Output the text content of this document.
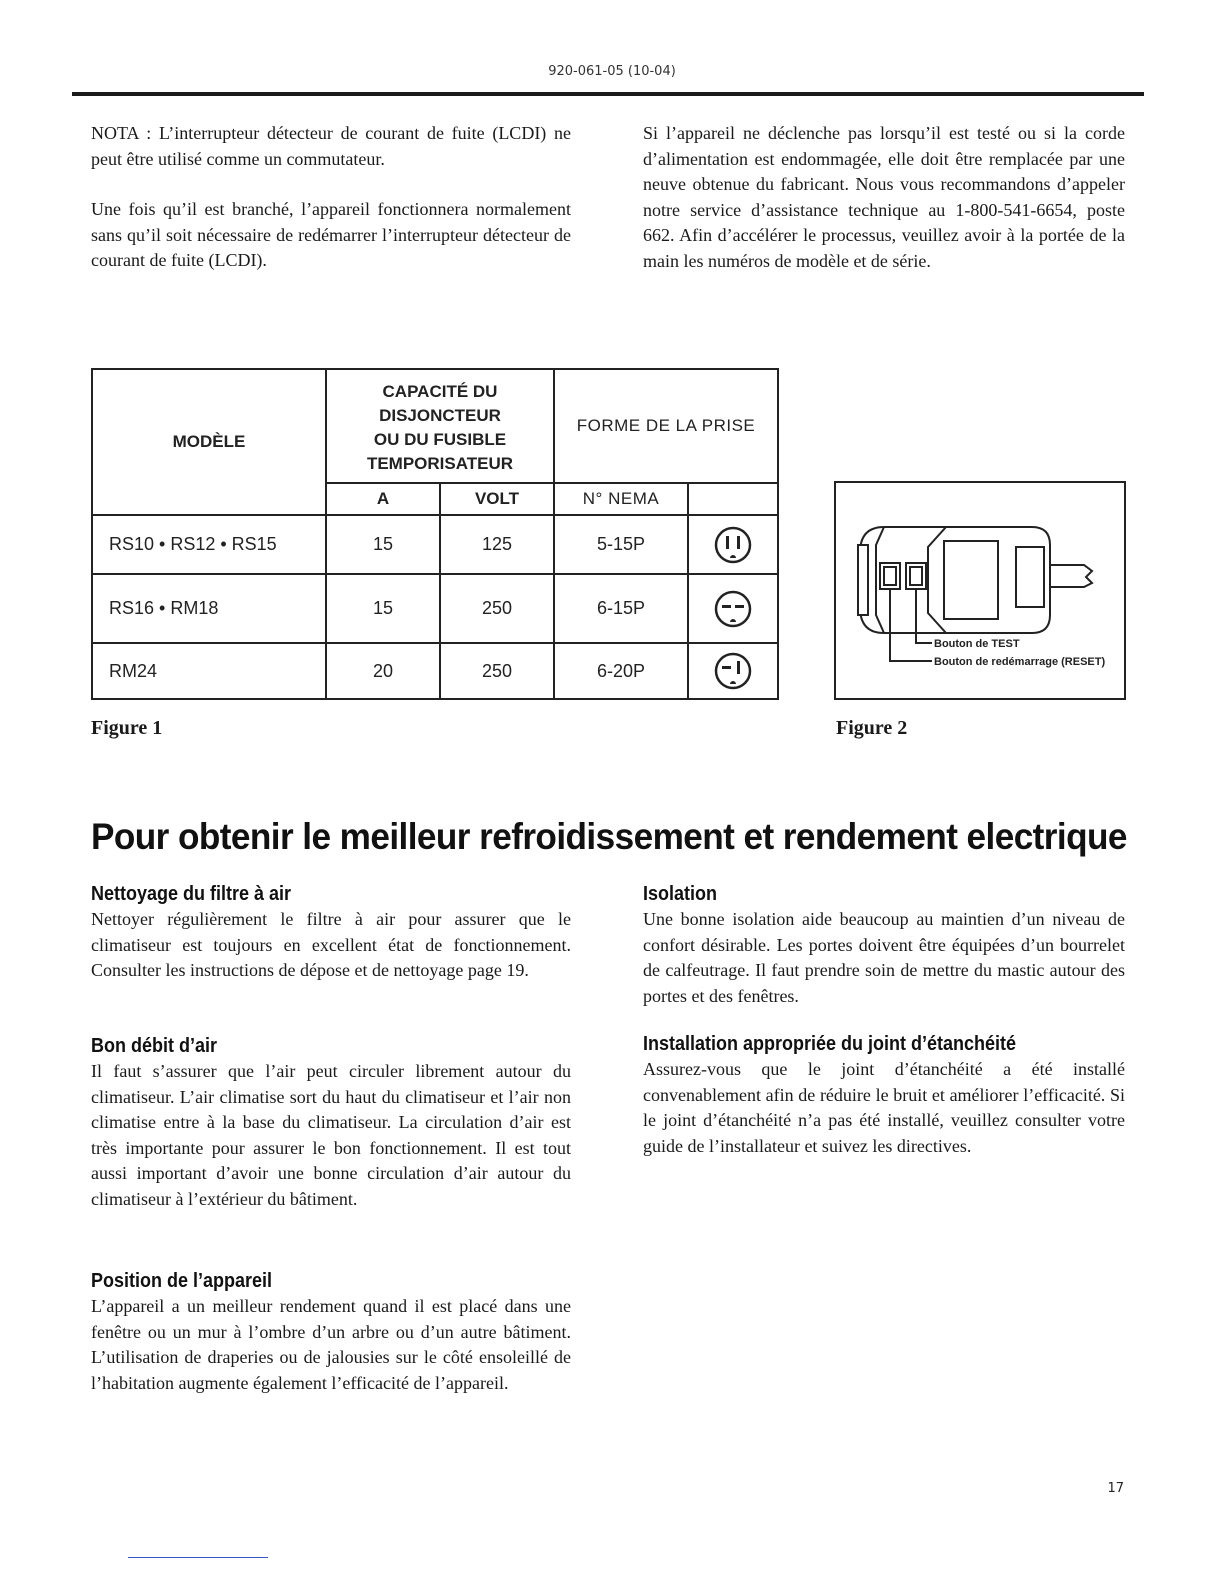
920-061-05 (10-04)

NOTA : L’interrupteur détecteur de courant de fuite (LCDI) ne peut être utilisé comme un commutateur.

Une fois qu’il est branché, l’appareil fonctionnera normalement sans qu’il soit nécessaire de redémarrer l’interrupteur détecteur de courant de fuite (LCDI).

Si l’appareil ne déclenche pas lorsqu’il est testé ou si la corde d’alimentation est endommagée, elle doit être remplacée par une neuve obtenue du fabricant. Nous vous recommandons d’appeler notre service d’assistance technique au 1-800-541-6654, poste 662. Afin d’accélérer le processus, veuillez avoir à la portée de la main les numéros de modèle et de série.

MODÈLE
CAPACITÉ DU
DISJONCTEUR
OU DU FUSIBLE
TEMPORISATEUR
FORME DE LA PRISE
A	VOLT	N° NEMA
RS10 • RS12 • RS15	15	125	5-15P
RS16 • RM18	15	250	6-15P
RM24	20	250	6-20P
Figure 1
Bouton de TEST
Bouton de redémarrage (RESET)
Figure 2
Pour obtenir le meilleur refroidissement et rendement electrique
Nettoyage du filtre à air

Nettoyer régulièrement le filtre à air pour assurer que le climatiseur est toujours en excellent état de fonctionnement. Consulter les instructions de dépose et de nettoyage page 19.

Bon débit d’air

Il faut s’assurer que l’air peut circuler librement autour du climatiseur. L’air climatise sort du haut du climatiseur et l’air non climatise entre à la base du climatiseur. La circulation d’air est très importante pour assurer le bon fonctionnement. Il est tout aussi important d’avoir une bonne circulation d’air autour du climatiseur à l’extérieur du bâtiment.

Position de l’appareil

L’appareil a un meilleur rendement quand il est placé dans une fenêtre ou un mur à l’ombre d’un arbre ou d’un autre bâtiment. L’utilisation de draperies ou de jalousies sur le côté ensoleillé de l’habitation augmente également l’efficacité de l’appareil.

Isolation

Une bonne isolation aide beaucoup au maintien d’un niveau de confort désirable. Les portes doivent être équipées d’un bourrelet de calfeutrage. Il faut prendre soin de mettre du mastic autour des portes et des fenêtres.

Installation appropriée du joint d’étanchéité

Assurez-vous que le joint d’étanchéité a été installé convenablement afin de réduire le bruit et améliorer l’efficacité. Si le joint d’étanchéité n’a pas été installé, veuillez consulter votre guide de l’installateur et suivez les directives.

17
